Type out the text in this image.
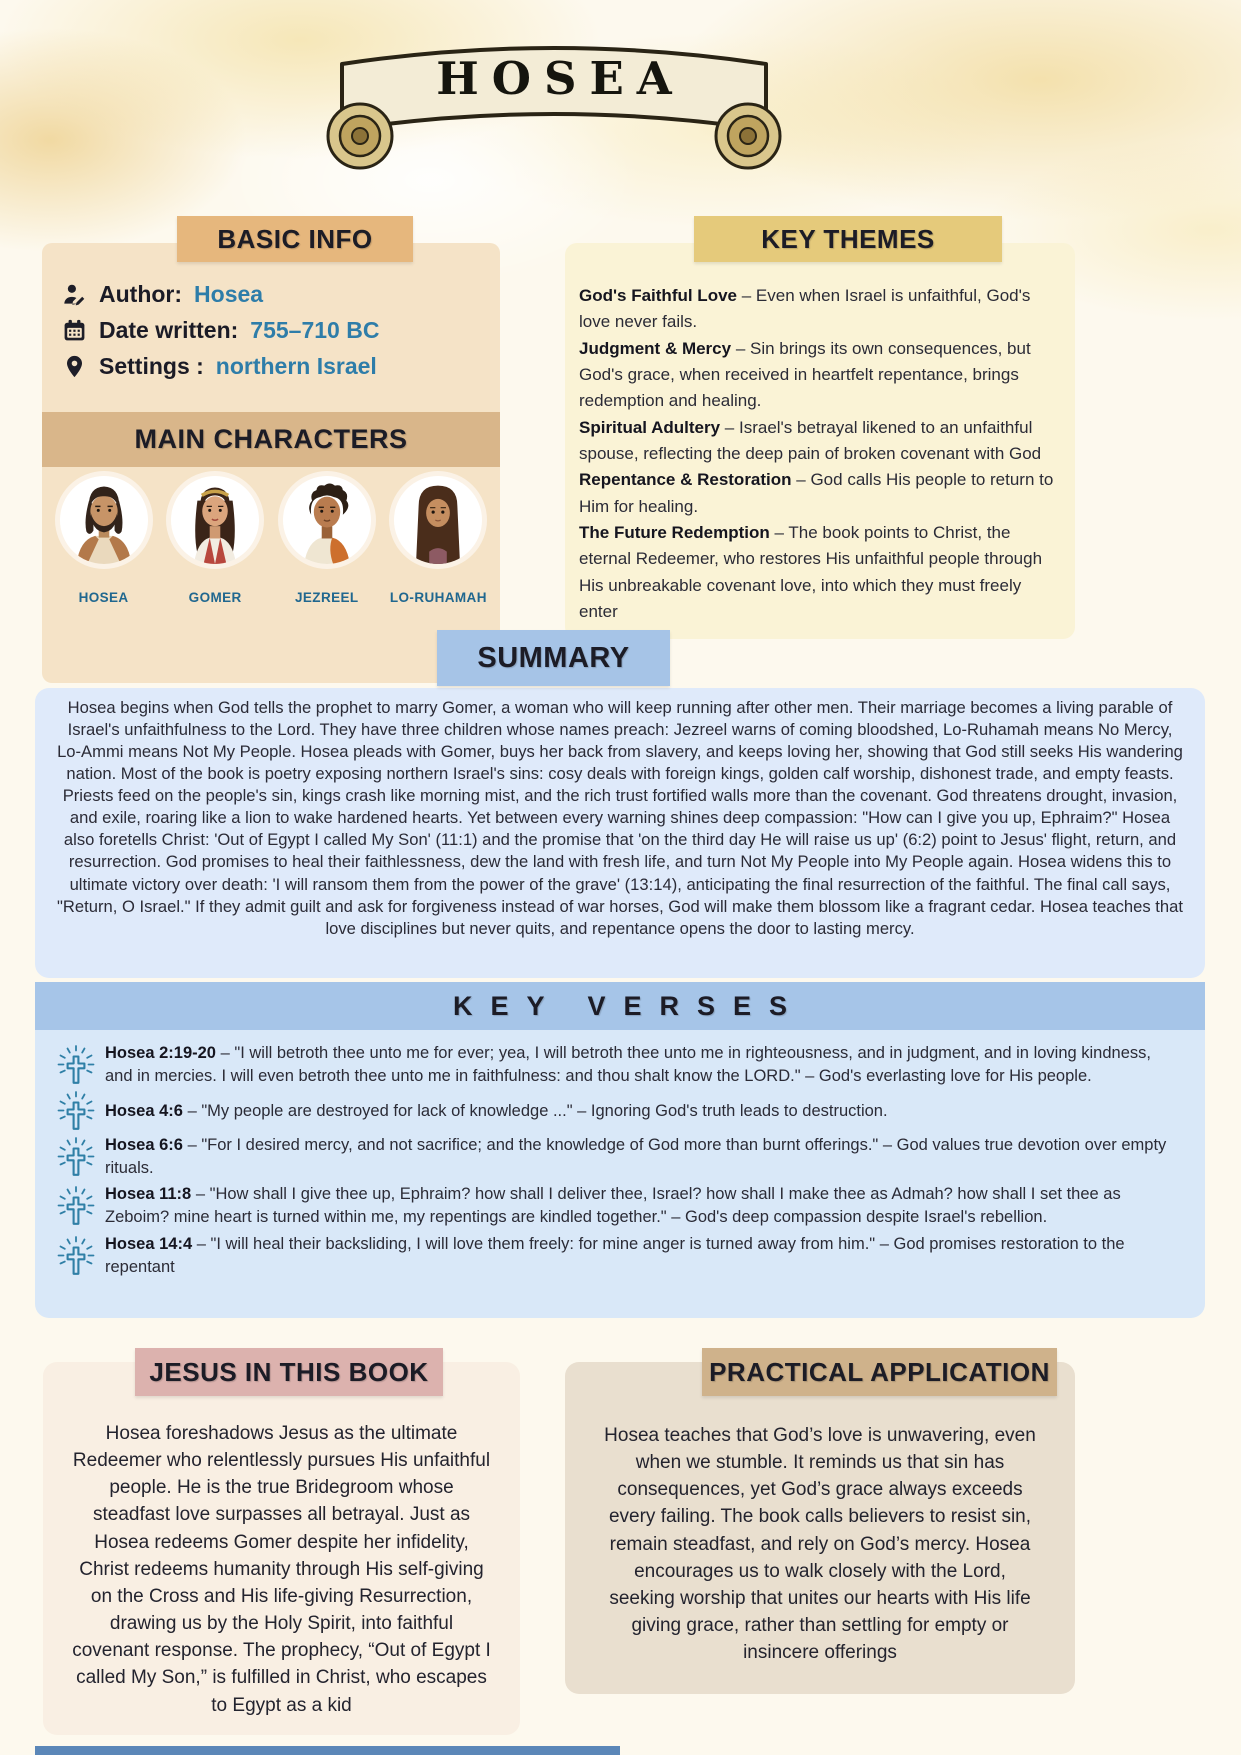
HOSEA
BASIC INFO	KEY THEMES
Author: Hosea
Date written: 755–710 BC
Settings : northern Israel
MAIN CHARACTERS
HOSEA	GOMER	JEZREEL	LO-RUHAMAH

God's Faithful Love – Even when Israel is unfaithful, God's love never fails.

Judgment & Mercy – Sin brings its own consequences, but God's grace, when received in heartfelt repentance, brings redemption and healing.

Spiritual Adultery – Israel's betrayal likened to an unfaithful spouse, reflecting the deep pain of broken covenant with God

Repentance & Restoration – God calls His people to return to Him for healing.

The Future Redemption – The book points to Christ, the eternal Redeemer, who restores His unfaithful people through His unbreakable covenant love, into which they must freely enter

SUMMARY

Hosea begins when God tells the prophet to marry Gomer, a woman who will keep running after other men. Their marriage becomes a living parable of Israel's unfaithfulness to the Lord. They have three children whose names preach: Jezreel warns of coming bloodshed, Lo-Ruhamah means No Mercy, Lo-Ammi means Not My People. Hosea pleads with Gomer, buys her back from slavery, and keeps loving her, showing that God still seeks His wandering nation. Most of the book is poetry exposing northern Israel's sins: cosy deals with foreign kings, golden calf worship, dishonest trade, and empty feasts. Priests feed on the people's sin, kings crash like morning mist, and the rich trust fortified walls more than the covenant. God threatens drought, invasion, and exile, roaring like a lion to wake hardened hearts. Yet between every warning shines deep compassion: "How can I give you up, Ephraim?" Hosea also foretells Christ: 'Out of Egypt I called My Son' (11:1) and the promise that 'on the third day He will raise us up' (6:2) point to Jesus' flight, return, and resurrection. God promises to heal their faithlessness, dew the land with fresh life, and turn Not My People into My People again. Hosea widens this to ultimate victory over death: 'I will ransom them from the power of the grave' (13:14), anticipating the final resurrection of the faithful. The final call says, "Return, O Israel." If they admit guilt and ask for forgiveness instead of war horses, God will make them blossom like a fragrant cedar. Hosea teaches that love disciplines but never quits, and repentance opens the door to lasting mercy.

KEY VERSES

Hosea 2:19-20 – "I will betroth thee unto me for ever; yea, I will betroth thee unto me in righteousness, and in judgment, and in loving kindness, and in mercies. I will even betroth thee unto me in faithfulness: and thou shalt know the LORD." – God's everlasting love for His people.

Hosea 4:6 – "My people are destroyed for lack of knowledge ..." – Ignoring God's truth leads to destruction.

Hosea 6:6 – "For I desired mercy, and not sacrifice; and the knowledge of God more than burnt offerings." – God values true devotion over empty rituals.

Hosea 11:8 – "How shall I give thee up, Ephraim? how shall I deliver thee, Israel? how shall I make thee as Admah? how shall I set thee as Zeboim? mine heart is turned within me, my repentings are kindled together." – God's deep compassion despite Israel's rebellion.

Hosea 14:4 – "I will heal their backsliding, I will love them freely: for mine anger is turned away from him." – God promises restoration to the repentant

JESUS IN THIS BOOK

Hosea foreshadows Jesus as the ultimate Redeemer who relentlessly pursues His unfaithful people. He is the true Bridegroom whose steadfast love surpasses all betrayal. Just as Hosea redeems Gomer despite her infidelity, Christ redeems humanity through His self-giving on the Cross and His life-giving Resurrection, drawing us by the Holy Spirit, into faithful covenant response. The prophecy, “Out of Egypt I called My Son,” is fulfilled in Christ, who escapes to Egypt as a kid

PRACTICAL APPLICATION

Hosea teaches that God’s love is unwavering, even when we stumble. It reminds us that sin has consequences, yet God’s grace always exceeds every failing. The book calls believers to resist sin, remain steadfast, and rely on God’s mercy. Hosea encourages us to walk closely with the Lord, seeking worship that unites our hearts with His life giving grace, rather than settling for empty or insincere offerings
